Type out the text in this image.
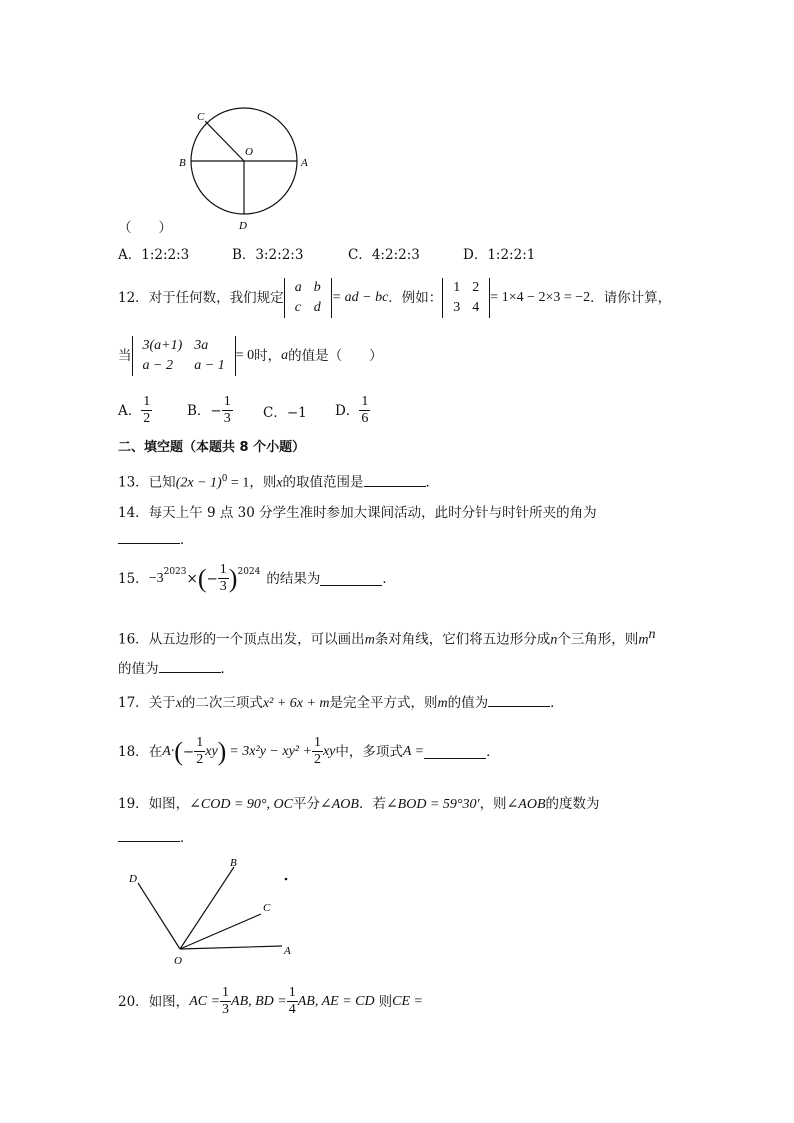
C
O
B	A
D
（　　）
A．1:2:2:3	B．3:2:2:3	C．4:2:2:3	D．1:2:2:1
12． 对于任何数，我们规定
a	b
c	d
= ad − bc ．例如：
1	2
3	4
= 1×4 − 2×3 = −2 ．请你计算，
当
3(a+1)	3a
a − 2	a − 1
= 0 时， a 的值是（　　）
A． $\frac{1}{2}$	B． − $\frac{1}{3}$ C．−1 D． $\frac{1}{6}$
二、填空题（本题共 8 个小题）
13．已知$(2x - 1)^0 = 1$，则x的取值范围是	．
14．每天上午 9 点 30 分学生准时参加大课间活动，此时分针与时针所夹的角为
．
15． $-3^{2023}$ × ( − $\frac{1}{3} )^{2024}$ 的结果为	．
16．从五边形的一个顶点出发，可以画出m条对角线，它们将五边形分成n个三角形，则$m^n$
的值为	．
17．关于x的二次三项式x² + 6x + m是完全平方式，则m的值为	．
18． 在 A· ( − $\frac{1}{2}$ xy ) = $3x^2y - xy^2 + \frac{1}{2}$ xy 中，多项式 A =	．
19．如图，∠COD = 90°, OC平分∠AOB．若∠BOD = 59°30′，则∠AOB的度数为
．
D
B
C
A
O
20． 如图， AC = $\frac{1}{3}$ AB, BD = $\frac{1}{4}$ AB, AE = CD 则 CE =
